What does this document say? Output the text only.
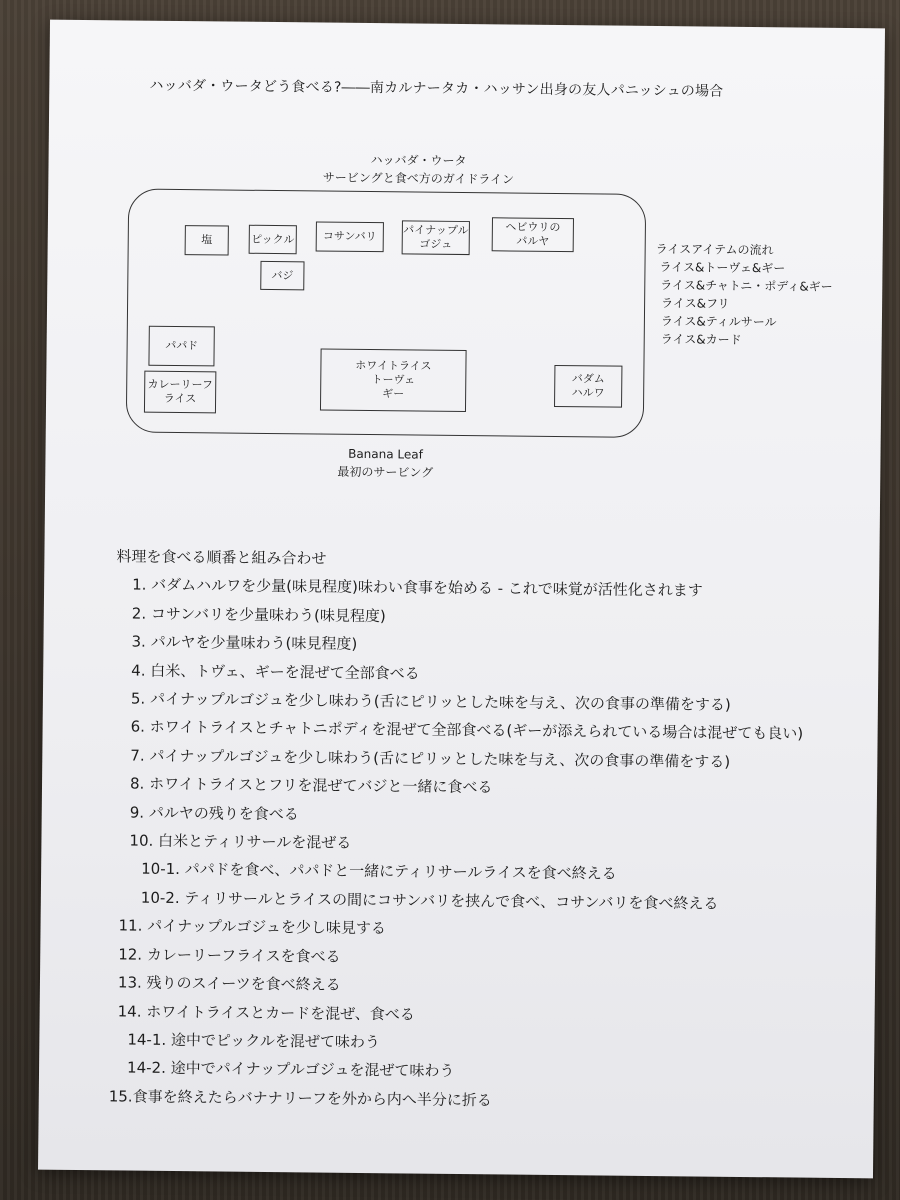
ハッバダ・ウータどう食べる?――南カルナータカ・ハッサン出身の友人パニッシュの場合
ハッバダ・ウータ
サービングと食べ方のガイドライン
塩	ピックル	コサンバリ	パイナップル
ゴジュ
ヘビウリの
パルヤ
バジ
パパド
カレーリーフ
ライス
ホワイトライス
トーヴェ
ギー
バダム
ハルワ
Banana Leaf
最初のサービング
ライスアイテムの流れ
ライス&トーヴェ&ギー
ライス&チャトニ・ポディ&ギー
ライス&フリ
ライス&ティルサール
ライス&カード
料理を食べる順番と組み合わせ
1. バダムハルワを少量(味見程度)味わい食事を始める - これで味覚が活性化されます
2. コサンバリを少量味わう(味見程度)
3. パルヤを少量味わう(味見程度)
4. 白米、トヴェ、ギーを混ぜて全部食べる
5. パイナップルゴジュを少し味わう(舌にピリッとした味を与え、次の食事の準備をする)
6. ホワイトライスとチャトニポディを混ぜて全部食べる(ギーが添えられている場合は混ぜても良い)
7. パイナップルゴジュを少し味わう(舌にピリッとした味を与え、次の食事の準備をする)
8. ホワイトライスとフリを混ぜてバジと一緒に食べる
9. パルヤの残りを食べる
10. 白米とティリサールを混ぜる
10-1. パパドを食べ、パパドと一緒にティリサールライスを食べ終える
10-2. ティリサールとライスの間にコサンバリを挟んで食べ、コサンバリを食べ終える
11. パイナップルゴジュを少し味見する
12. カレーリーフライスを食べる
13. 残りのスイーツを食べ終える
14. ホワイトライスとカードを混ぜ、食べる
14-1. 途中でピックルを混ぜて味わう
14-2. 途中でパイナップルゴジュを混ぜて味わう
15.食事を終えたらバナナリーフを外から内へ半分に折る
